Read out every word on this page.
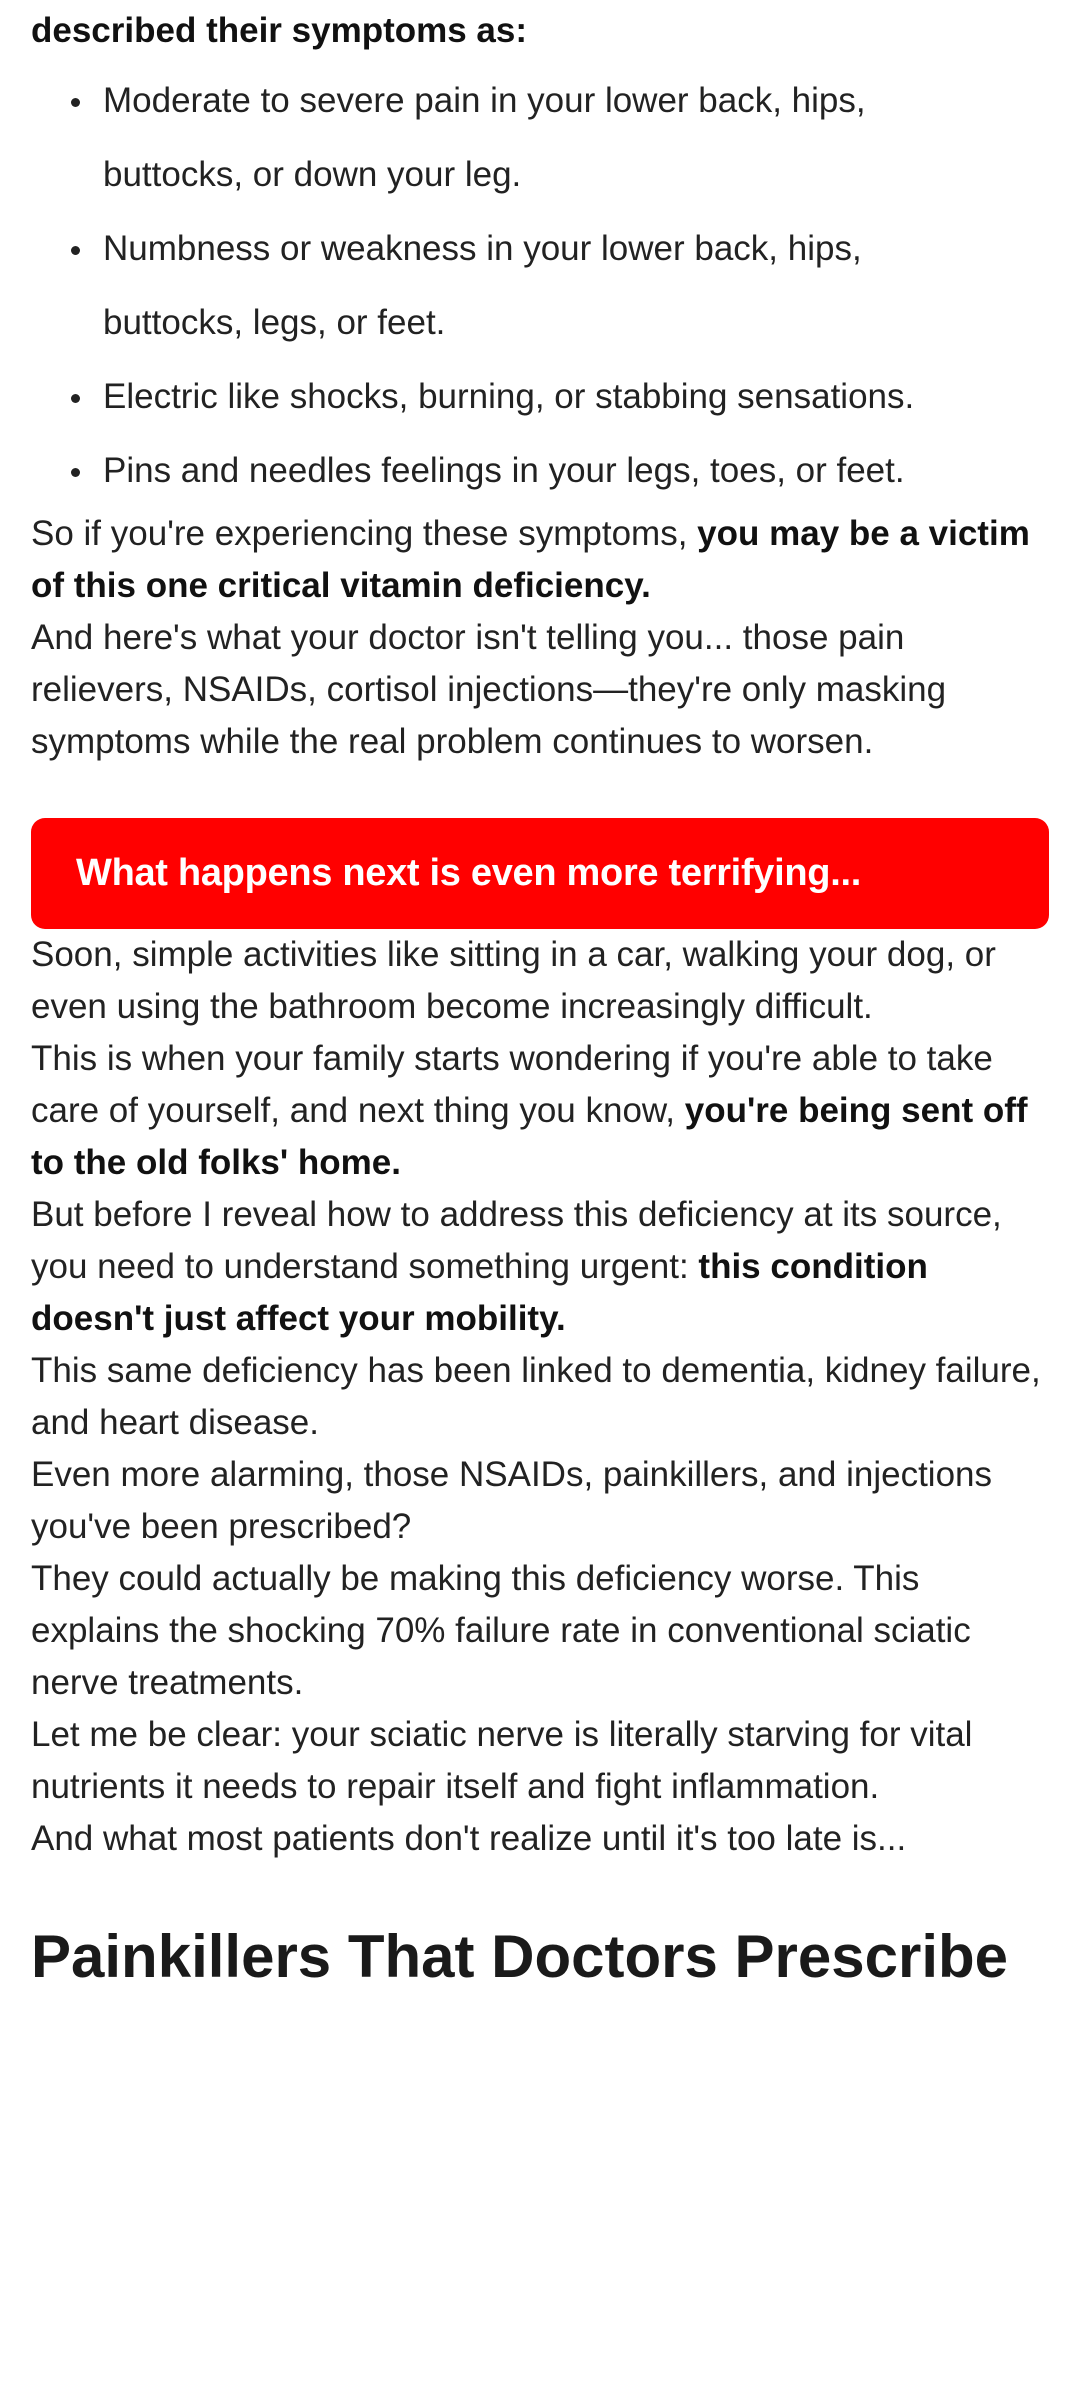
described their symptoms as:

Moderate to severe pain in your lower back, hips,
buttocks, or down your leg.
Numbness or weakness in your lower back, hips,
buttocks, legs, or feet.
Electric like shocks, burning, or stabbing sensations.
Pins and needles feelings in your legs, toes, or feet.

So if you're experiencing these symptoms, you may be a victim of this one critical vitamin deficiency.

And here's what your doctor isn't telling you... those pain relievers, NSAIDs, cortisol injections—they're only masking symptoms while the real problem continues to worsen.

What happens next is even more terrifying...

Soon, simple activities like sitting in a car, walking your dog, or even using the bathroom become increasingly difficult.

This is when your family starts wondering if you're able to take care of yourself, and next thing you know, you're being sent off to the old folks' home.

But before I reveal how to address this deficiency at its source, you need to understand something urgent: this condition doesn't just affect your mobility.

This same deficiency has been linked to dementia, kidney failure, and heart disease.

Even more alarming, those NSAIDs, painkillers, and injections you've been prescribed?

They could actually be making this deficiency worse. This explains the shocking 70% failure rate in conventional sciatic nerve treatments.

Let me be clear: your sciatic nerve is literally starving for vital nutrients it needs to repair itself and fight inflammation.

And what most patients don't realize until it's too late is...

Painkillers That Doctors Prescribe
